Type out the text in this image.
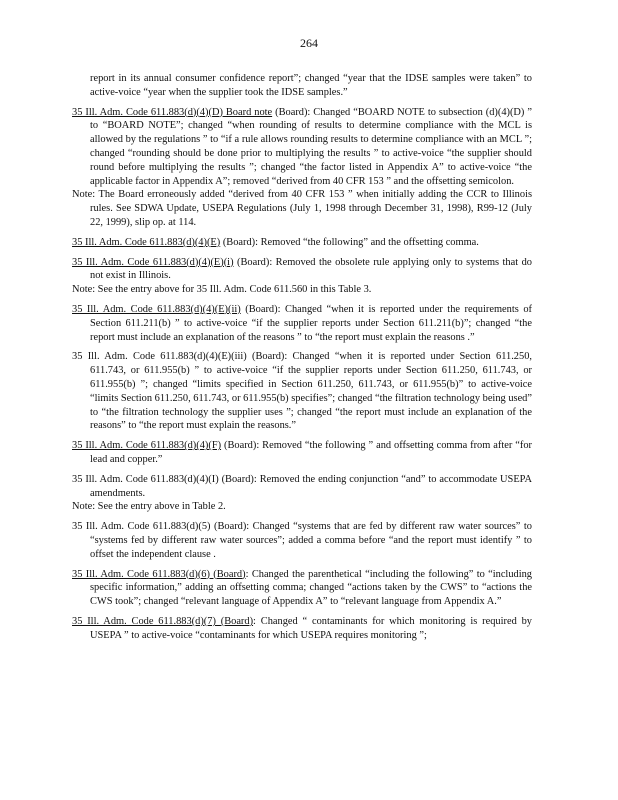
264
report in its annual consumer confidence report”; changed “year that the IDSE samples were taken” to active-voice “year when the supplier took the IDSE samples.”
35 Ill. Adm. Code 611.883(d)(4)(D) Board note (Board): Changed “BOARD NOTE to subsection (d)(4)(D) ” to “BOARD NOTE”; changed “when rounding of results to determine compliance with the MCL is allowed by the regulations ” to “if a rule allows rounding results to determine compliance with an MCL ”; changed “rounding should be done prior to multiplying the results ” to active-voice “the supplier should round before multiplying the results ”; changed “the factor listed in Appendix A” to active-voice “the applicable factor in Appendix A”; removed “derived from 40 CFR 153 ” and the offsetting semicolon.
Note: The Board erroneously added “derived from 40 CFR 153 ” when initially adding the CCR to Illinois rules. See SDWA Update, USEPA Regulations (July 1, 1998 through December 31, 1998), R99-12 (July 22, 1999), slip op. at 114.
35 Ill. Adm. Code 611.883(d)(4)(E) (Board): Removed “the following” and the offsetting comma.
35 Ill. Adm. Code 611.883(d)(4)(E)(i) (Board): Removed the obsolete rule applying only to systems that do not exist in Illinois.
Note: See the entry above for 35 Ill. Adm. Code 611.560 in this Table 3.
35 Ill. Adm. Code 611.883(d)(4)(E)(ii) (Board): Changed “when it is reported under the requirements of Section 611.211(b) ” to active-voice “if the supplier reports under Section 611.211(b)”; changed “the report must include an explanation of the reasons ” to “the report must explain the reasons .”
35 Ill. Adm. Code 611.883(d)(4)(E)(iii) (Board): Changed “when it is reported under Section 611.250, 611.743, or 611.955(b) ” to active-voice “if the supplier reports under Section 611.250, 611.743, or 611.955(b) ”; changed “limits specified in Section 611.250, 611.743, or 611.955(b)” to active-voice “limits Section 611.250, 611.743, or 611.955(b) specifies”; changed “the filtration technology being used” to “the filtration technology the supplier uses ”; changed “the report must include an explanation of the reasons” to “the report must explain the reasons.”
35 Ill. Adm. Code 611.883(d)(4)(F) (Board): Removed “the following ” and offsetting comma from after “for lead and copper.”
35 Ill. Adm. Code 611.883(d)(4)(I) (Board): Removed the ending conjunction “and” to accommodate USEPA amendments.
Note: See the entry above in Table 2.
35 Ill. Adm. Code 611.883(d)(5) (Board): Changed “systems that are fed by different raw water sources” to “systems fed by different raw water sources”; added a comma before “and the report must identify ” to offset the independent clause .
35 Ill. Adm. Code 611.883(d)(6) (Board): Changed the parenthetical “including the following” to “including specific information,” adding an offsetting comma; changed “actions taken by the CWS” to “actions the CWS took”; changed “relevant language of Appendix A” to “relevant language from Appendix A.”
35 Ill. Adm. Code 611.883(d)(7) (Board): Changed “ contaminants for which monitoring is required by USEPA ” to active-voice “contaminants for which USEPA requires monitoring ”;
